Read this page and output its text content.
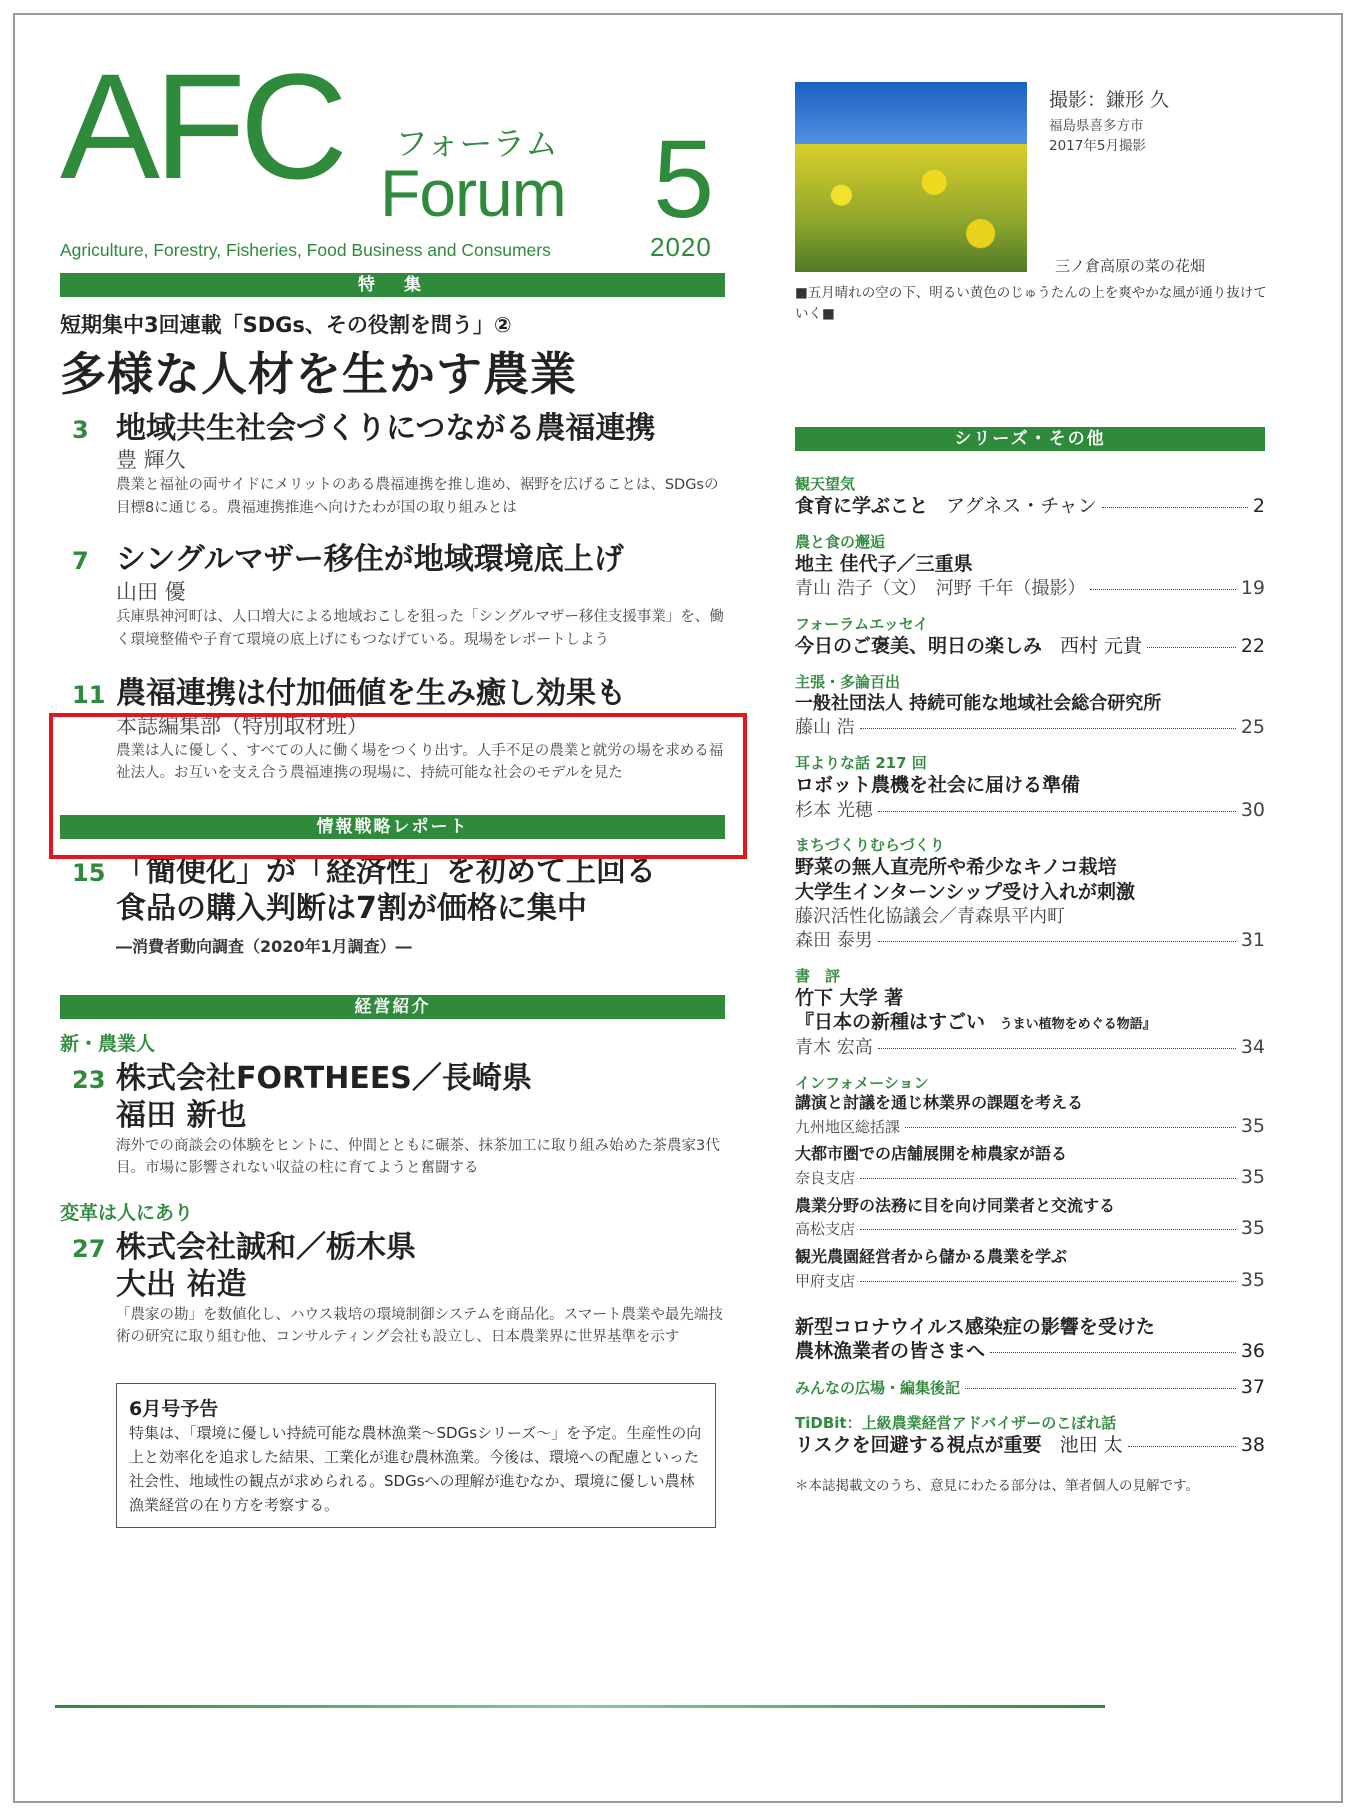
AFC フォーラム
Forum 5
Agriculture, Forestry, Fisheries, Food Business and Consumers	2020
特　集
短期集中3回連載「SDGs、その役割を問う」②
多様な人材を生かす農業
3 地域共生社会づくりにつながる農福連携
豊 輝久
農業と福祉の両サイドにメリットのある農福連携を推し進め、裾野を広げることは、SDGsの目標8に通じる。農福連携推進へ向けたわが国の取り組みとは
7 シングルマザー移住が地域環境底上げ
山田 優
兵庫県神河町は、人口増大による地域おこしを狙った「シングルマザー移住支援事業」を、働く環境整備や子育て環境の底上げにもつなげている。現場をレポートしよう
11 農福連携は付加価値を生み癒し効果も
本誌編集部（特別取材班）
農業は人に優しく、すべての人に働く場をつくり出す。人手不足の農業と就労の場を求める福祉法人。お互いを支え合う農福連携の現場に、持続可能な社会のモデルを見た
情報戦略レポート
15 「簡便化」が「経済性」を初めて上回る
食品の購入判断は7割が価格に集中
―消費者動向調査（2020年1月調査）―
経営紹介
新・農業人
23 株式会社FORTHEES／長崎県
福田 新也
海外での商談会の体験をヒントに、仲間とともに碾茶、抹茶加工に取り組み始めた茶農家3代目。市場に影響されない収益の柱に育てようと奮闘する
変革は人にあり
27 株式会社誠和／栃木県
大出 祐造
「農家の勘」を数値化し、ハウス栽培の環境制御システムを商品化。スマート農業や最先端技術の研究に取り組む他、コンサルティング会社も設立し、日本農業界に世界基準を示す
6月号予告
特集は、「環境に優しい持続可能な農林漁業～SDGsシリーズ～」を予定。生産性の向上と効率化を追求した結果、工業化が進む農林漁業。今後は、環境への配慮といった社会性、地域性の観点が求められる。SDGsへの理解が進むなか、環境に優しい農林漁業経営の在り方を考察する。
撮影：鎌形 久
福島県喜多方市
2017年5月撮影
三ノ倉高原の菜の花畑
■五月晴れの空の下、明るい黄色のじゅうたんの上を爽やかな風が通り抜けていく■
シリーズ・その他
観天望気
食育に学ぶこと アグネス・チャン	2
農と食の邂逅
地主 佳代子／三重県
青山 浩子（文）　河野 千年（撮影）	19
フォーラムエッセイ
今日のご褒美、明日の楽しみ 西村 元貴	22
主張・多論百出
一般社団法人 持続可能な地域社会総合研究所
藤山 浩	25
耳よりな話 217 回
ロボット農機を社会に届ける準備
杉本 光穂	30
まちづくりむらづくり
野菜の無人直売所や希少なキノコ栽培
大学生インターンシップ受け入れが刺激
藤沢活性化協議会／青森県平内町
森田 泰男	31
書　評
竹下 大学 著
『日本の新種はすごい うまい植物をめぐる物語』
青木 宏高	34
インフォメーション
講演と討議を通じ林業界の課題を考える
九州地区総括課	35
大都市圏での店舗展開を柿農家が語る
奈良支店	35
農業分野の法務に目を向け同業者と交流する
高松支店	35
観光農園経営者から儲かる農業を学ぶ
甲府支店	35
新型コロナウイルス感染症の影響を受けた
農林漁業者の皆さまへ	36
みんなの広場・編集後記	37
TiDBit：上級農業経営アドバイザーのこぼれ話
リスクを回避する視点が重要 池田 太	38
＊本誌掲載文のうち、意見にわたる部分は、筆者個人の見解です。
